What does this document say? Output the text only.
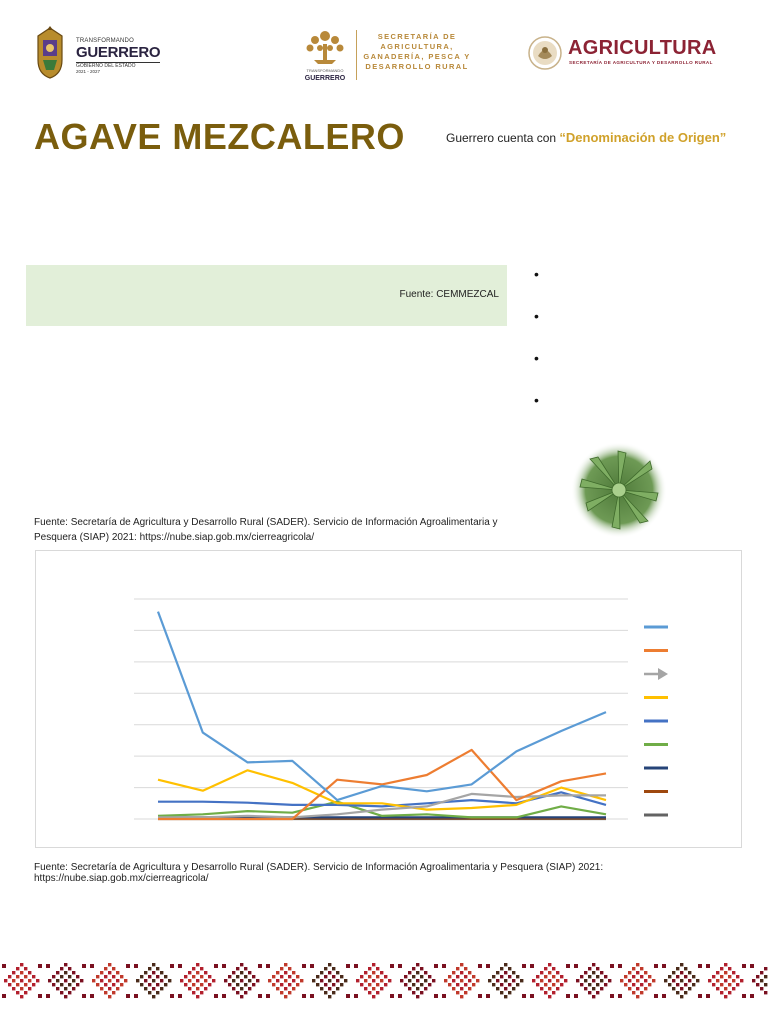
TRANSFORMANDO
GUERRERO
GOBIERNO DEL ESTADO
2021 - 2027	TRANSFORMANDO
GUERRERO
SECRETARÍA DE
AGRICULTURA,
GANADERÍA, PESCA Y
DESARROLLO RURAL
AGRICULTURA
SECRETARÍA DE AGRICULTURA Y DESARROLLO RURAL
AGAVE MEZCALERO	Guerrero cuenta con “Denominación de Origen”
Fuente: CEMMEZCAL
•
•
•
•
Fuente: Secretaría de Agricultura y Desarrollo Rural (SADER). Servicio de Información Agroalimentaria y Pesquera (SIAP) 2021: https://nube.siap.gob.mx/cierreagricola/
Fuente: Secretaría de Agricultura y Desarrollo Rural (SADER). Servicio de Información Agroalimentaria y Pesquera (SIAP) 2021: https://nube.siap.gob.mx/cierreagricola/
